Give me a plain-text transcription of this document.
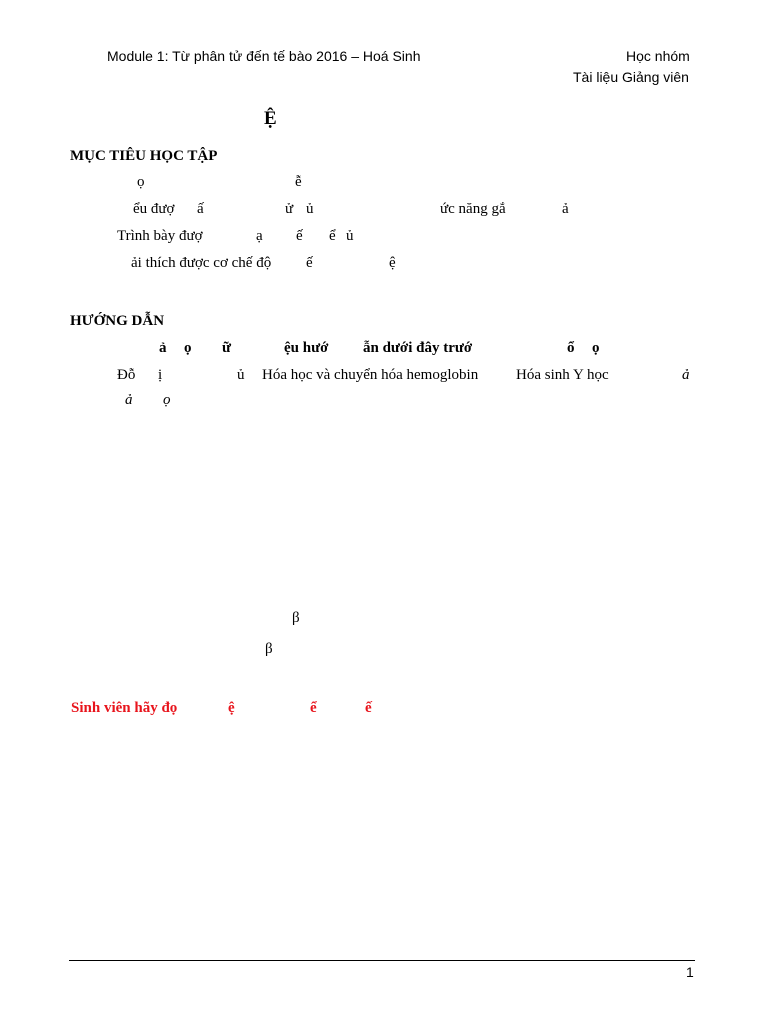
Module 1: Từ phân tử đến tế bào 2016 – Hoá Sinh	Học nhóm
Tài liệu Giảng viên
Ệ
MỤC TIÊU HỌC TẬP
ọ	ễ
ểu đượ ấ	ử ủ	ức năng gắ	ả
Trình bày đượ	ạ ế ể ủ
ải thích được cơ chế độ ế	ệ
HƯỚNG DẪN
ả ọ ữ	ệu hướ ẫn dưới đây trướ	ổ ọ
Đỗ ị	ủ Hóa học và chuyển hóa hemoglobin	Hóa sinh Y học	ả
ả ọ
β
β
Sinh viên hãy đọ	ệ	ể	ế
1
